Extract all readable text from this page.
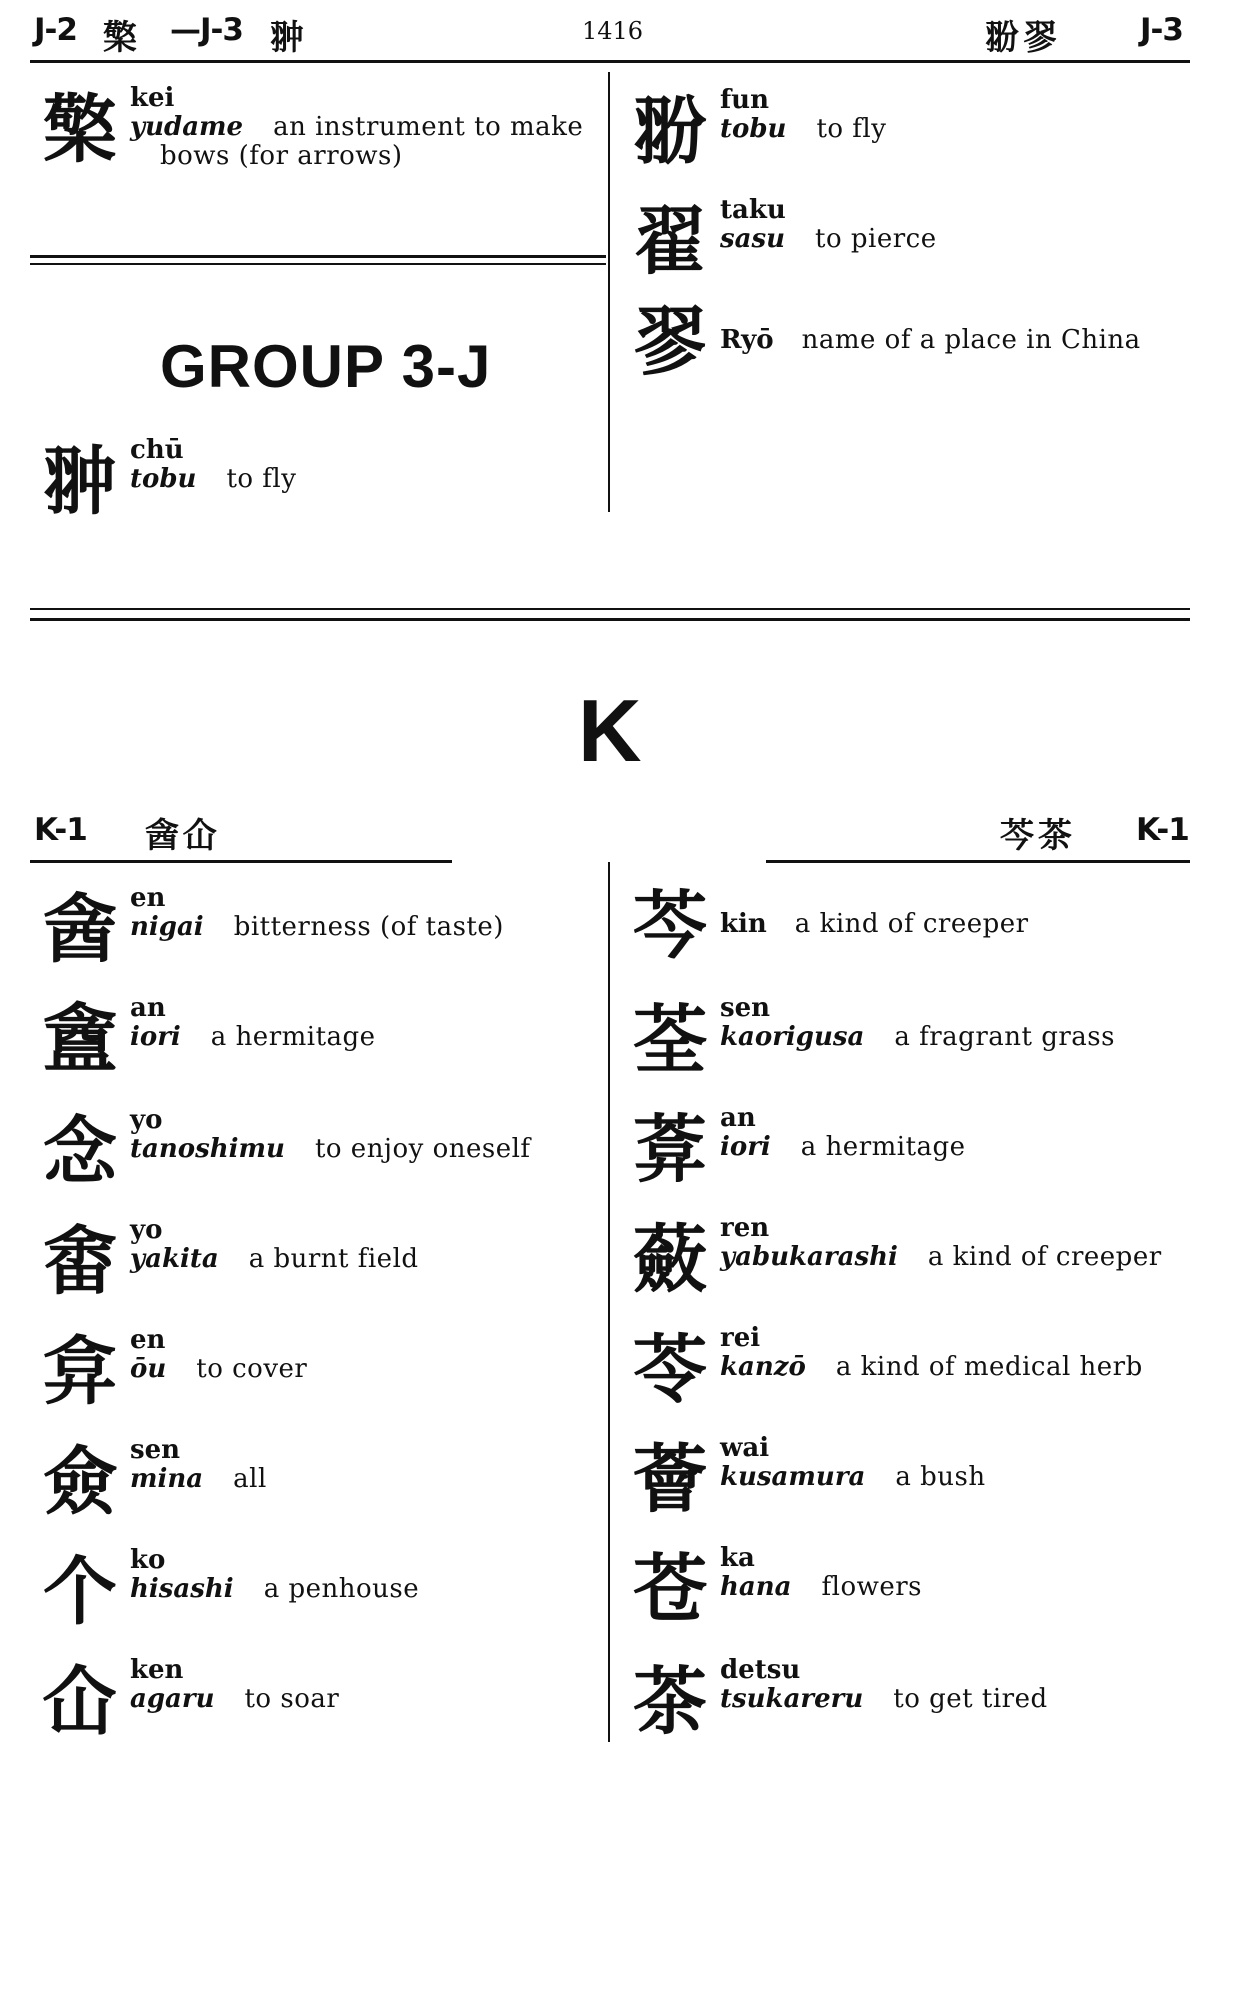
J-2 檠 —J-3 翀	1416	翂翏	J-3
檠 kei
yudame an instrument to make
bows (for arrows)
GROUP 3-J
翀 chū
tobu to fly
翂 fun
tobu to fly
翟 taku
sasu to pierce
翏 Ryō name of a place in China
K
K-1 酓仚	芩茶 K-1
酓 en
nigai bitterness (of taste)
盦 an
iori a hermitage
念 yo
tanoshimu to enjoy oneself
畬 yo
yakita a burnt field
弇 en
ōu to cover
僉 sen
mina all
个 ko
hisashi a penhouse
仚 ken
agaru to soar
芩 kin a kind of creeper
荃 sen
kaorigusa a fragrant grass
葊 an
iori a hermitage
蘞 ren
yabukarashi a kind of creeper
苓 rei
kanzō a kind of medical herb
薈 wai
kusamura a bush
苍 ka
hana flowers
茶 detsu
tsukareru to get tired
